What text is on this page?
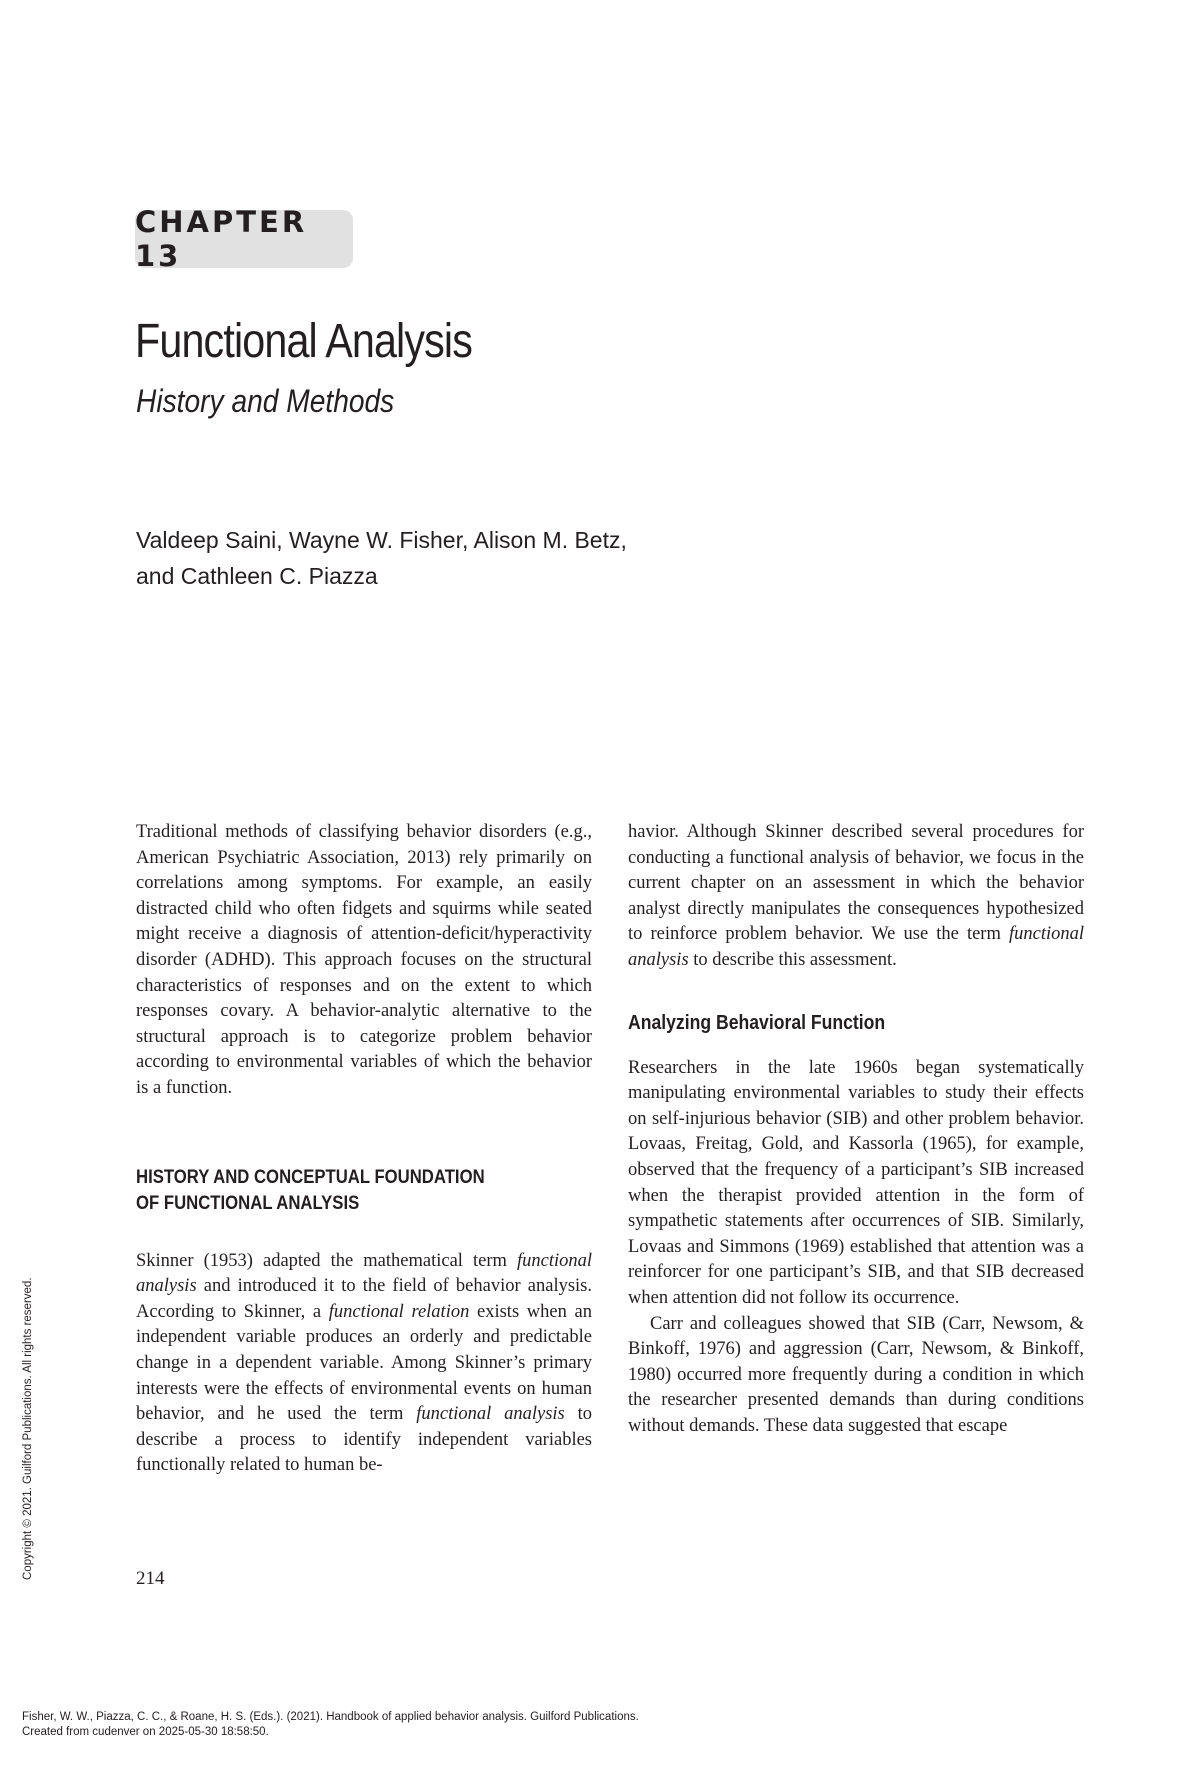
CHAPTER 13
Functional Analysis
History and Methods
Valdeep Saini, Wayne W. Fisher, Alison M. Betz,
and Cathleen C. Piazza

Traditional methods of classifying behavior disorders (e.g., American Psychiatric Association, 2013) rely primarily on correlations among symptoms. For example, an easily distracted child who often fidgets and squirms while seated might receive a diagnosis of attention-deficit/hyperactivity disorder (ADHD). This approach focuses on the structural characteristics of responses and on the extent to which responses covary. A behavior-analytic alternative to the structural approach is to categorize problem behavior according to environmental variables of which the behavior is a function.

HISTORY AND CONCEPTUAL FOUNDATION
OF FUNCTIONAL ANALYSIS

Skinner (1953) adapted the mathematical term functional analysis and introduced it to the field of behavior analysis. According to Skinner, a functional relation exists when an independent variable produces an orderly and predictable change in a dependent variable. Among Skinner’s primary interests were the effects of environmental events on human behavior, and he used the term functional analysis to describe a process to identify independent variables functionally related to human be-

havior. Although Skinner described several procedures for conducting a functional analysis of behavior, we focus in the current chapter on an assessment in which the behavior analyst directly manipulates the consequences hypothesized to reinforce problem behavior. We use the term functional analysis to describe this assessment.

Analyzing Behavioral Function

Researchers in the late 1960s began systematically manipulating environmental variables to study their effects on self-injurious behavior (SIB) and other problem behavior. Lovaas, Freitag, Gold, and Kassorla (1965), for example, observed that the frequency of a participant’s SIB increased when the therapist provided attention in the form of sympathetic statements after occurrences of SIB. Similarly, Lovaas and Simmons (1969) established that attention was a reinforcer for one participant’s SIB, and that SIB decreased when attention did not follow its occurrence.

Carr and colleagues showed that SIB (Carr, Newsom, & Binkoff, 1976) and aggression (Carr, Newsom, & Binkoff, 1980) occurred more frequently during a condition in which the researcher presented demands than during conditions without demands. These data suggested that escape

214
Copyright © 2021. Guilford Publications. All rights reserved.
Fisher, W. W., Piazza, C. C., & Roane, H. S. (Eds.). (2021). Handbook of applied behavior analysis. Guilford Publications.
Created from cudenver on 2025-05-30 18:58:50.
